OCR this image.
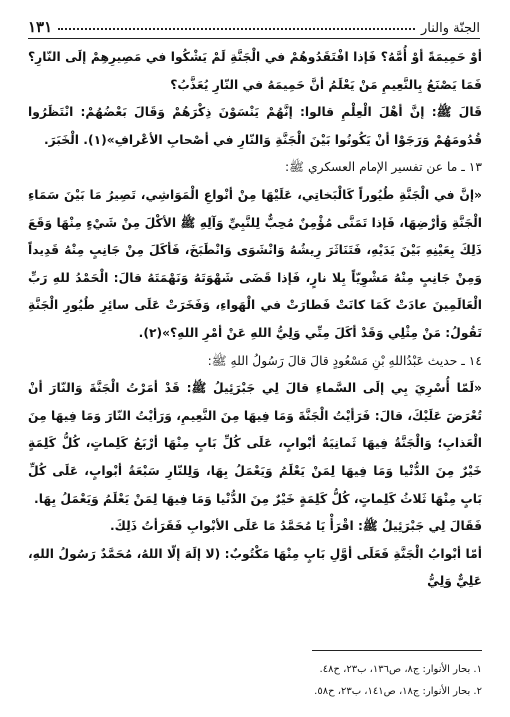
الجنّة والنار
١٣١

أوْ حَمِيمَةً أوْ أُمَّهُ؟ فَإذا افْتَقَدُوهُمْ في الْجَنَّةِ لَمْ يَشْكُوا في مَصِيرِهِمْ إلَى النّارِ؟ فَمَا يَصْنَعُ بِالنَّعِيمِ مَنْ يَعْلَمُ أنَّ حَمِيمَهُ في النّارِ يُعَذَّبُ؟

قَالَ ﷺ: إنَّ أهْلَ الْعِلْمِ قالوا: إنَّهُمْ يَنْسَوْنَ ذِكْرَهُمْ وَقَالَ بَعْضُهُمْ: انْتَظَرُوا قُدُومَهُمْ وَرَجَوْا أنْ يَكُونُوا بَيْنَ الْجَنَّةِ وَالنّارِ في أصْحابِ الأعْرافِ»(١). الْخَبَرَ.

١٣ ـ ما عن تفسير الإمام العسكري ﷺ:

«إنَّ في الْجَنَّةِ طُيُوراً كَالْبَخاتِي، عَلَيْهَا مِنْ أنْواعِ الْمَوَاشِي، تَصِيرُ مَا بَيْنَ سَمَاءِ الْجَنَّةِ وَأرْضِهَا، فَإذا تَمَنَّى مُؤْمِنٌ مُحِبٌّ لِلنَّبِيِّ وَآلِهِ ﷺ الأكْلَ مِنْ شَيْءٍ مِنْهَا وَقَعَ ذَلِكَ بِعَيْنِهِ بَيْنَ يَدَيْهِ، فَتَنَاثَرَ رِيشُهُ وَانْشَوَى وَانْطَبَخَ، فَأكَلَ مِنْ جَانِبٍ مِنْهُ قَدِيداً وَمِنْ جَانِبٍ مِنْهُ مَشْوِيّاً بِلا نارٍ، فَإذا قَضَى شَهْوَتَهُ وَنَهْمَتَهُ قالَ: الْحَمْدُ للهِ رَبِّ الْعَالَمِينَ عادَتْ كَمَا كانَتْ فَطارَتْ في الْهَواءِ، وَفَخَرَتْ عَلَى سائِرِ طُيُورِ الْجَنَّةِ تَقُولُ: مَنْ مِثْلِي وَقَدْ أكَلَ مِنِّي وَلِيُّ اللهِ عَنْ أمْرِ اللهِ؟»(٢).

١٤ ـ حديث عَبْدُاللهِ بْنِ مَسْعُودٍ قالَ قالَ رَسُولُ اللهِ ﷺ:

«لَمّا أُسْرِيَ بِي إلَى السَّماءِ قالَ لِي جَبْرَئِيلُ ﷺ: قَدْ أمَرْتُ الْجَنَّةَ وَالنّارَ أنْ تُعْرَضَ عَلَيْكَ، قالَ: فَرَأيْتُ الْجَنَّةَ وَمَا فِيهَا مِنَ النَّعِيمِ، وَرَأيْتُ النّارَ وَمَا فِيهَا مِنَ الْعَذابِ؛ وَالْجَنَّةُ فِيهَا ثَمانِيَةُ أبْوابٍ، عَلَى كُلِّ بَابٍ مِنْهَا أرْبَعُ كَلِماتٍ، كُلُّ كَلِمَةٍ خَيْرٌ مِنَ الدُّنْيا وَمَا فِيهَا لِمَنْ يَعْلَمُ وَيَعْمَلُ بِهَا، وَلِلنّارِ سَبْعَةُ أبْوابٍ، عَلَى كُلِّ بَابٍ مِنْهَا ثَلاثُ كَلِماتٍ، كُلُّ كَلِمَةٍ خَيْرٌ مِنَ الدُّنْيا وَمَا فِيهَا لِمَنْ يَعْلَمُ وَيَعْمَلُ بِهَا.

فَقَالَ لِي جَبْرَئِيلُ ﷺ: اقْرَأْ يَا مُحَمَّدُ مَا عَلَى الأبْوابِ فَقَرَأتُ ذَلِكَ.

أمّا أبْوابُ الْجَنَّةِ فَعَلَى أوَّلِ بَابٍ مِنْهَا مَكْتُوبٌ: (لا إلَهَ إلّا اللهُ، مُحَمَّدٌ رَسُولُ اللهِ، عَلِيٌّ وَلِيُّ

١. بحار الأنوار: ج٨، ص١٣٦، ب٢٣، ح٤٨.

٢. بحار الأنوار: ج١٨، ص١٤١، ب٢٣، ح٥٨.
